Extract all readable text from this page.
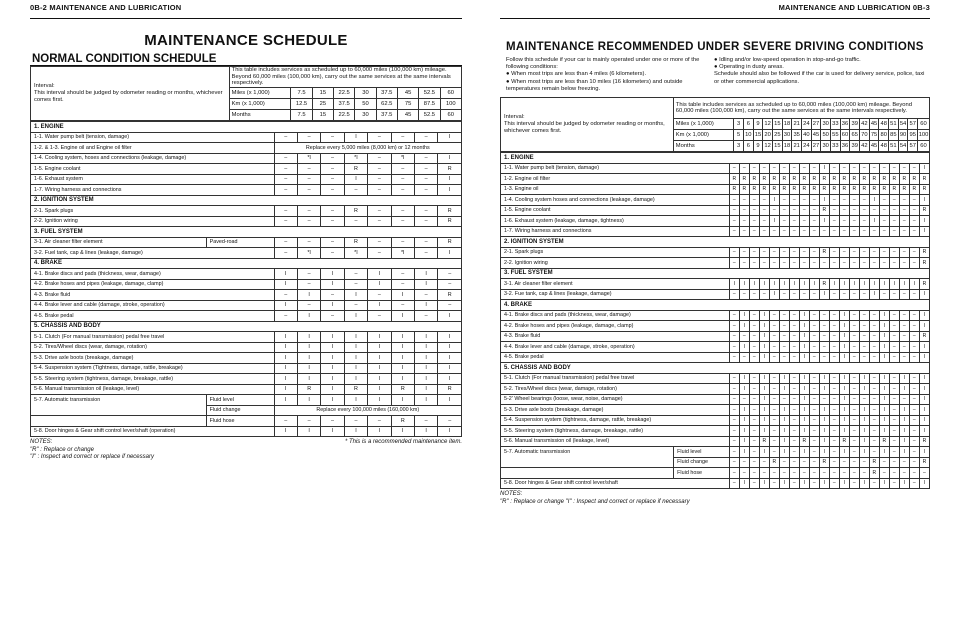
0B-2 MAINTENANCE AND LUBRICATION
MAINTENANCE SCHEDULE
NORMAL CONDITION SCHEDULE
Interval:
This interval should be judged by odometer reading or months, whichever comes first.	This table includes services as scheduled up to 60,000 miles (100,000 km) mileage. Beyond 60,000 miles (100,000 km), carry out the same services at the same intervals respectively.								
	Miles (x 1,000)	7.5	15	22.5	30	37.5	45	52.5	60
	Km (x 1,000)	12.5	25	37.5	50	62.5	75	87.5	100
	Months	7.5	15	22.5	30	37.5	45	52.5	60
1. ENGINE									
1-1. Water pump belt (tension, damage)		–	–	–	I	–	–	–	I
1-2. & 1-3. Engine oil and Engine oil filter		Replace every 5,000 miles (8,000 km) or 12 months							
1-4. Cooling system, hoses and connections (leakage, damage)		–	*I	–	*I	–	*I	–	I
1-5. Engine coolant		–	–	–	R	–	–	–	R
1-6. Exhaust system		–	–	–	I	–	–	–	I
1-7. Wiring harness and connections		–	–	–	–	–	–	–	I
2. IGNITION SYSTEM									
2-1. Spark plugs		–	–	–	R	–	–	–	R
2-2. Ignition wiring		–	–	–	–	–	–	–	R
3. FUEL SYSTEM									
3-1. Air cleaner filter element	Paved-road	–	–	–	R	–	–	–	R
3-2. Fuel tank, cap & lines (leakage, damage)		–	*I	–	*I	–	*I	–	I
4. BRAKE									
4-1. Brake discs and pads (thickness, wear, damage)		I	–	I	–	I	–	I	–
4-2. Brake hoses and pipes (leakage, damage, clamp)		I	–	I	–	I	–	I	–
4-3. Brake fluid		–	I	–	I	–	I	–	R
4-4. Brake lever and cable (damage, stroke, operation)		I	–	I	–	I	–	I	–
4-5. Brake pedal		–	I	–	I	–	I	–	I
5. CHASSIS AND BODY									
5-1. Clutch (For manual transmission) pedal free travel		I	I	I	I	I	I	I	I
5-2. Tires/Wheel discs (wear, damage, rotation)		I	I	I	I	I	I	I	I
5-3. Drive axle boots (breakage, damage)		I	I	I	I	I	I	I	I
5-4. Suspension system (Tightness, damage, rattle, breakage)		I	I	I	I	I	I	I	I
5-5. Steering system (tightness, damage, breakage, rattle)		I	I	I	I	I	I	I	I
5-6. Manual transmission oil (leakage, level)		I	R	I	R	I	R	I	R
5-7. Automatic transmission	Fluid level	I	I	I	I	I	I	I	I
	Fluid change	Replace every 100,000 miles (160,000 km)							
	Fluid hose	–	–	–	–	–	R	–	–
5-8. Door hinges & Gear shift control lever/shaft (operation)		I	I	I	I	I	I	I	I
NOTES:	* This is a recommended maintenance item.
"R" : Replace or change
"I" : Inspect and correct or replace if necessary
MAINTENANCE AND LUBRICATION 0B-3
MAINTENANCE RECOMMENDED UNDER SEVERE DRIVING CONDITIONS
Follow this schedule if your car is mainly operated under one or more of the following conditions:
● When most trips are less than 4 miles (6 kilometers).
● When most trips are less than 10 miles (16 kilometers) and outside temperatures remain below freezing.
● Idling and/or low-speed operation in stop-and-go traffic.
● Operating in dusty areas.
Schedule should also be followed if the car is used for delivery service, police, taxi or other commercial applications.
Interval:
This interval should be judged by odometer reading or months, whichever comes first.	This table includes services as scheduled up to 60,000 miles (100,000 km) mileage. Beyond 60,000 miles (100,000 km), carry out the same services at the same intervals respectively.																				
	Miles (x 1,000)	3	6	9	12	15	18	21	24	27	30	33	36	39	42	45	48	51	54	57	60
	Km (x 1,000)	5	10	15	20	25	30	35	40	45	50	55	60	65	70	75	80	85	90	95	100
	Months	3	6	9	12	15	18	21	24	27	30	33	36	39	42	45	48	51	54	57	60
1. ENGINE																					
1-1. Water pump belt (tension, damage)		–	–	–	–	–	–	–	–	–	I	–	–	–	–	–	–	–	–	–	I
1-2. Engine oil filter		R	R	R	R	R	R	R	R	R	R	R	R	R	R	R	R	R	R	R	R
1-3. Engine oil		R	R	R	R	R	R	R	R	R	R	R	R	R	R	R	R	R	R	R	R
1-4. Cooling system hoses and connections (leakage, damage)		–	–	–	–	I	–	–	–	–	I	–	–	–	–	I	–	–	–	–	I
1-5. Engine coolant		–	–	–	–	–	–	–	–	–	R	–	–	–	–	–	–	–	–	–	R
1-6. Exhaust system (leakage, damage, tightness)		–	–	–	–	I	–	–	–	–	I	–	–	–	–	I	–	–	–	–	I
1-7. Wiring harness and connections		–	–	–	–	–	–	–	–	–	–	–	–	–	–	–	–	–	–	–	I
2. IGNITION SYSTEM																					
2-1. Spark plugs		–	–	–	–	–	–	–	–	–	R	–	–	–	–	–	–	–	–	–	R
2-2. Ignition wiring		–	–	–	–	–	–	–	–	–	–	–	–	–	–	–	–	–	–	–	R
3. FUEL SYSTEM																					
3-1. Air cleaner filter element		I	I	I	I	I	I	I	I	I	R	I	I	I	I	I	I	I	I	I	R
3-2. Fue tank, cap & lines (leakage, damage)		–	–	–	–	I	–	–	–	–	I	–	–	–	–	I	–	–	–	–	I
4. BRAKE																					
4-1. Brake discs and pads (thickness, wear, damage)		–	I	–	I	–	–	–	I	–	–	–	I	–	–	–	I	–	–	–	I
4-2. Brake hoses and pipes (leakage, damage, clamp)		–	I	–	I	–	–	–	I	–	–	–	I	–	–	–	I	–	–	–	I
4-3. Brake fluid		–	–	–	I	–	–	–	I	–	–	–	I	–	–	–	I	–	–	–	R
4-4. Brake lever and cable (damage, stroke, operation)		–	I	–	I	–	–	–	I	–	–	–	I	–	–	–	I	–	–	–	I
4-5. Brake pedal		–	–	–	I	–	–	–	I	–	–	–	I	–	–	–	I	–	–	–	I
5. CHASSIS AND BODY																					
5-1. Clutch (For manual transmission) pedal free travel		–	I	–	I	–	I	–	I	–	I	–	I	–	I	–	I	–	I	–	I
5-2. Tires/Wheel discs (wear, damage, rotation)		–	I	–	I	–	I	–	I	–	I	–	I	–	I	–	I	–	I	–	I
5-2' Wheel bearings (loose, wear, noise, damage)		–	–	–	I	–	–	–	I	–	–	–	I	–	–	–	I	–	–	–	I
5-3. Drive axle boots (breakage, damage)		–	I	–	I	–	I	–	I	–	I	–	I	–	I	–	I	–	I	–	I
5-4. Suspension system (tightness, damage, rattle, breakage)		–	I	–	I	–	I	–	I	–	I	–	I	–	I	–	I	–	I	–	I
5-5. Steering system (tightness, damage, breakage, rattle)		–	I	–	I	–	I	–	I	–	I	–	I	–	I	–	I	–	I	–	I
5-6. Manual transmission oil (leakage, level)		–	I	–	R	–	I	–	R	–	I	–	R	–	I	–	R	–	I	–	R
5-7. Automatic transmission	Fluid level	–	I	–	I	–	I	–	I	–	I	–	I	–	I	–	I	–	I	–	I
	Fluid change	–	–	–	–	R	–	–	–	–	R	–	–	–	–	R	–	–	–	–	R
	Fluid hose	–	–	–	–	–	–	–	–	–	–	–	–	–	–	R	–	–	–	–	–
5-8. Door hinges & Gear shift control lever/shaft		–	I	–	I	–	I	–	I	–	I	–	I	–	I	–	I	–	I	–	I
NOTES:
"R" : Replace or change "I" : Inspect and correct or replace if necessary
